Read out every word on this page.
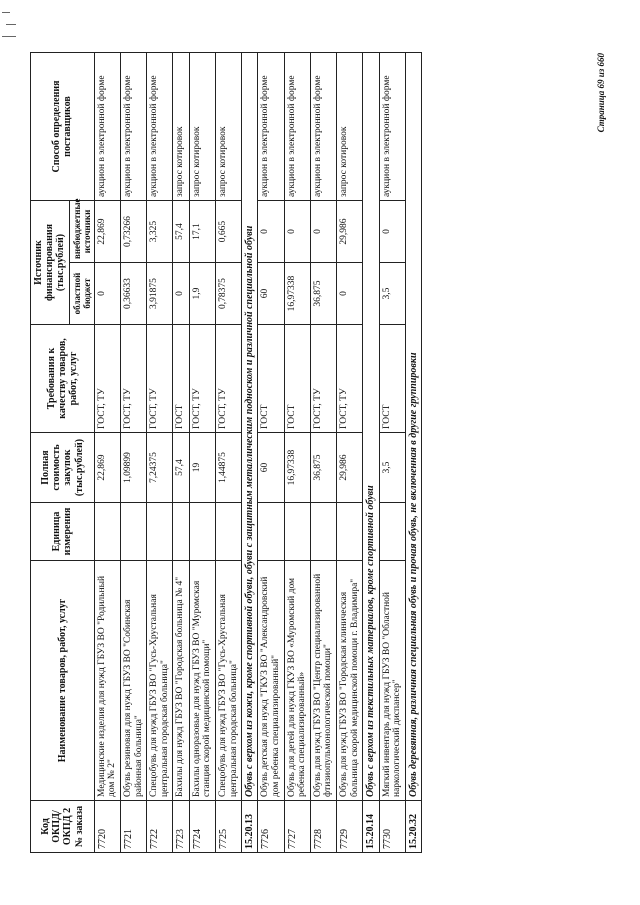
Код ОКПД/ ОКПД 2 № заказа	Наименование товаров, работ, услуг	Единица измерения	Полная стоимость закупок (тыс.рублей)	Требования к качеству товаров, работ, услуг	Источник финансирования (тыс.рублей)		Способ определения поставщиков
					областной бюджет	внебюджетные источники	
7720	Медицинские изделия для нужд ГБУЗ ВО "Родильный дом № 2"		22,869	ГОСТ, ТУ	0	22,869	аукцион в электронной форме
7721	Обувь резиновая для нужд ГБУЗ ВО "Собинская районная больница"		1,09899	ГОСТ, ТУ	0,36633	0,73266	аукцион в электронной форме
7722	Спецобувь для нужд ГБУЗ ВО "Гусь-Хрустальная центральная городская больница"		7,24375	ГОСТ, ТУ	3,91875	3,325	аукцион в электронной форме
7723	Бахилы для нужд ГБУЗ ВО "Городская больница № 4"		57,4	ГОСТ	0	57,4	запрос котировок
7724	Бахилы одноразовые для нужд ГБУЗ ВО "Муромская станция скорой медицинской помощи"		19	ГОСТ, ТУ	1,9	17,1	запрос котировок
7725	Спецобувь для нужд ГБУЗ ВО "Гусь-Хрустальная центральная городская больница"		1,44875	ГОСТ, ТУ	0,78375	0,665	запрос котировок
15.20.13	Обувь с верхом из кожи, кроме спортивной обуви, обуви с защитным металлическим подноском и различной специальной обуви						
7726	Обувь детская для нужд "ГКУЗ ВО "Александровский дом ребенка специализированный"		60	ГОСТ	60	0	аукцион в электронной форме
7727	Обувь для детей для нужд ГКУЗ ВО «Муромский дом ребенка специализированный»		16,97338	ГОСТ	16,97338	0	аукцион в электронной форме
7728	Обувь для нужд ГБУЗ ВО "Центр специализированной фтизиопульмонологической помощи"		36,875	ГОСТ, ТУ	36,875	0	аукцион в электронной форме
7729	Обувь для нужд ГБУЗ ВО "Городская клиническая больница скорой медицинской помощи г. Владимира"		29,986	ГОСТ, ТУ	0	29,986	запрос котировок
15.20.14	Обувь с верхом из текстильных материалов, кроме спортивной обуви						
7730	Мягкий инвентарь для нужд ГБУЗ ВО "Областной наркологический диспансер"		3,5	ГОСТ	3,5	0	аукцион в электронной форме
15.20.32	Обувь деревянная, различная специальная обувь и прочая обувь, не включенная в другие группировки						
Страница 69 из 660
